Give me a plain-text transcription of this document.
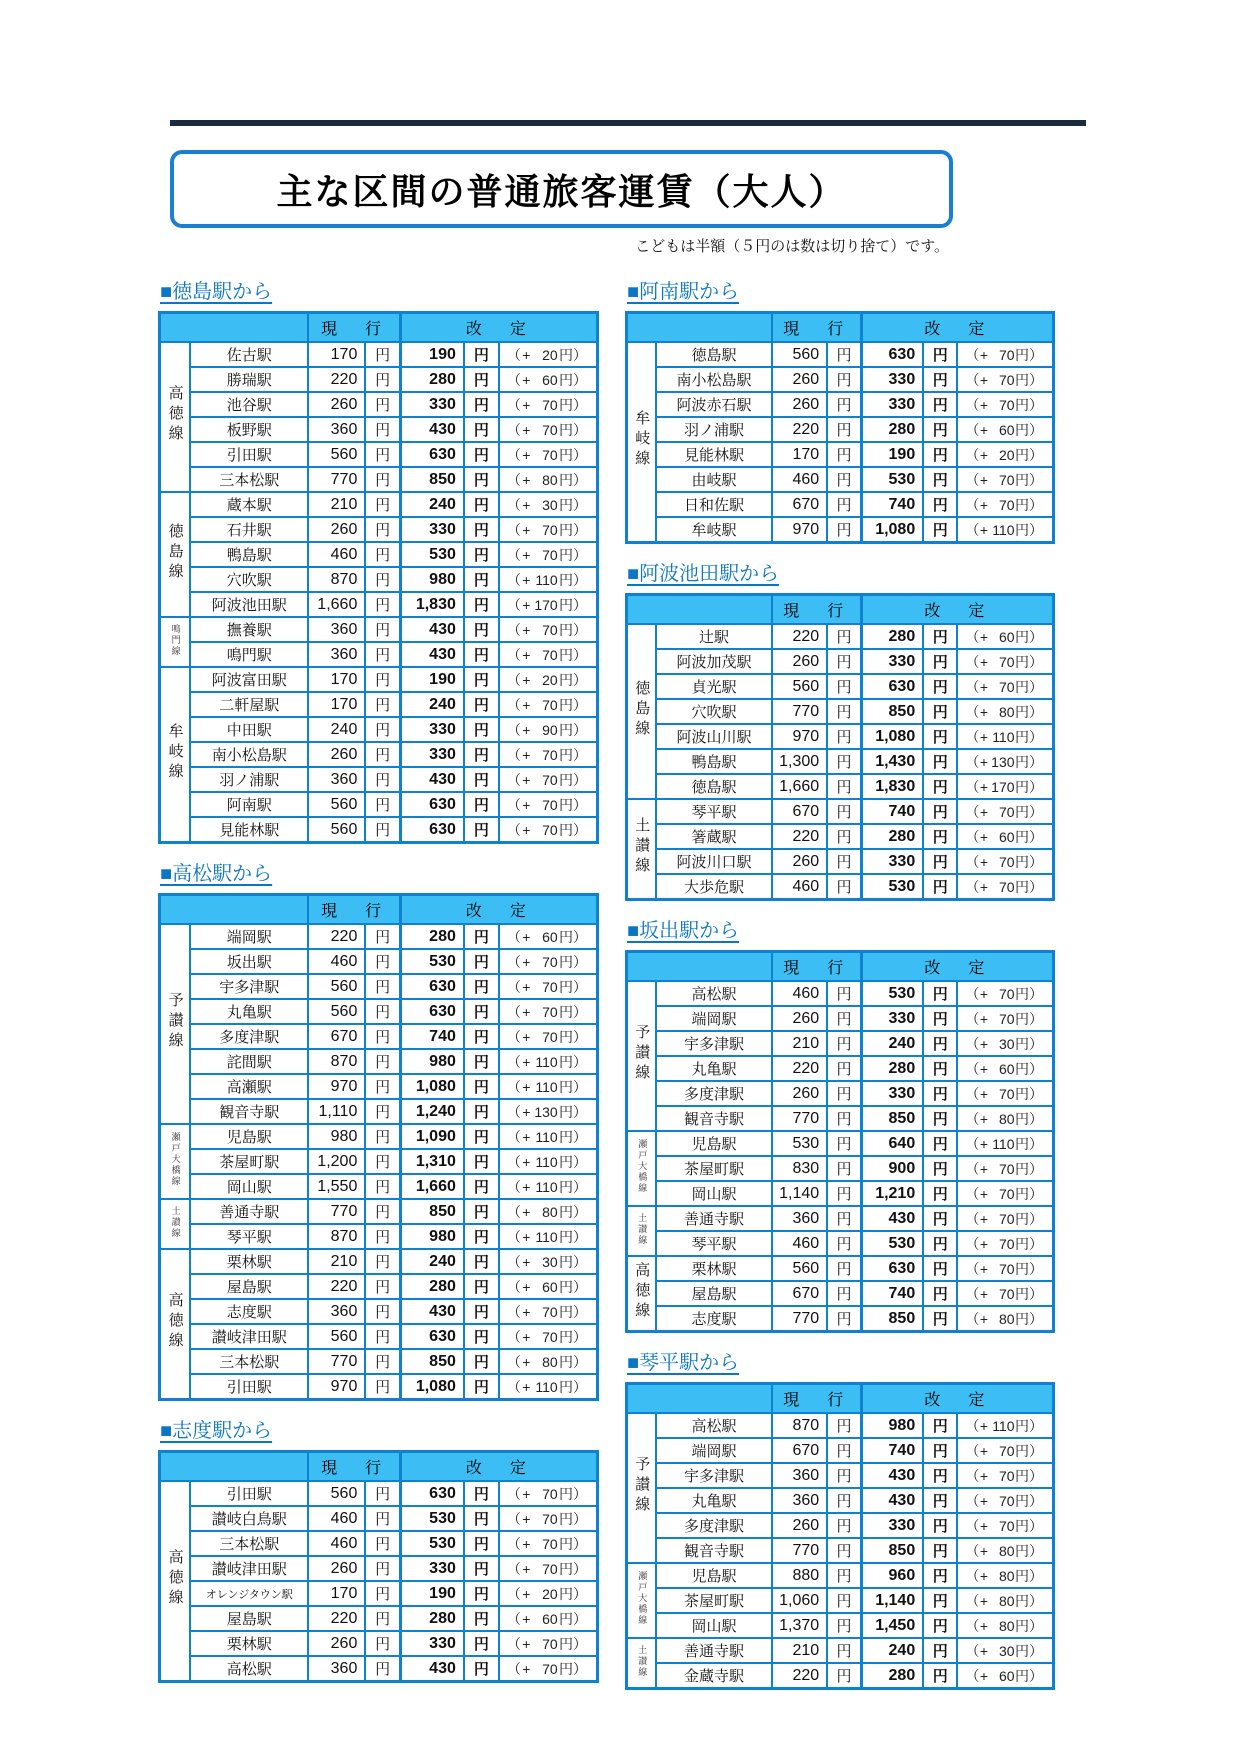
主な区間の普通旅客運賃（大人）
こどもは半額（５円のは数は切り捨て）です。
■徳島駅から
		現　行		改　定		
高徳線	佐古駅	170	円	190	円	（ + 20 円）

	勝瑞駅	220	円	280	円	（ + 60 円）

	池谷駅	260	円	330	円	（ + 70 円）

	板野駅	360	円	430	円	（ + 70 円）

	引田駅	560	円	630	円	（ + 70 円）

	三本松駅	770	円	850	円	（ + 80 円）

徳島線	蔵本駅	210	円	240	円	（ + 30 円）

	石井駅	260	円	330	円	（ + 70 円）

	鴨島駅	460	円	530	円	（ + 70 円）

	穴吹駅	870	円	980	円	（ + 110 円）

	阿波池田駅	1,660	円	1,830	円	（ + 170 円）

鳴門線	撫養駅	360	円	430	円	（ + 70 円）

	鳴門駅	360	円	430	円	（ + 70 円）

牟岐線	阿波富田駅	170	円	190	円	（ + 20 円）

	二軒屋駅	170	円	240	円	（ + 70 円）

	中田駅	240	円	330	円	（ + 90 円）

	南小松島駅	260	円	330	円	（ + 70 円）

	羽ノ浦駅	360	円	430	円	（ + 70 円）

	阿南駅	560	円	630	円	（ + 70 円）

	見能林駅	560	円	630	円	（ + 70 円）
■高松駅から
		現　行		改　定		
予讃線	端岡駅	220	円	280	円	（ + 60 円）

	坂出駅	460	円	530	円	（ + 70 円）

	宇多津駅	560	円	630	円	（ + 70 円）

	丸亀駅	560	円	630	円	（ + 70 円）

	多度津駅	670	円	740	円	（ + 70 円）

	詫間駅	870	円	980	円	（ + 110 円）

	高瀬駅	970	円	1,080	円	（ + 110 円）

	観音寺駅	1,110	円	1,240	円	（ + 130 円）

瀬戸大橋線	児島駅	980	円	1,090	円	（ + 110 円）

	茶屋町駅	1,200	円	1,310	円	（ + 110 円）

	岡山駅	1,550	円	1,660	円	（ + 110 円）

土讃線	善通寺駅	770	円	850	円	（ + 80 円）

	琴平駅	870	円	980	円	（ + 110 円）

高徳線	栗林駅	210	円	240	円	（ + 30 円）

	屋島駅	220	円	280	円	（ + 60 円）

	志度駅	360	円	430	円	（ + 70 円）

	讃岐津田駅	560	円	630	円	（ + 70 円）

	三本松駅	770	円	850	円	（ + 80 円）

	引田駅	970	円	1,080	円	（ + 110 円）
■志度駅から
		現　行		改　定		
高徳線	引田駅	560	円	630	円	（ + 70 円）

	讃岐白鳥駅	460	円	530	円	（ + 70 円）

	三本松駅	460	円	530	円	（ + 70 円）

	讃岐津田駅	260	円	330	円	（ + 70 円）

	オレンジタウン駅	170	円	190	円	（ + 20 円）

	屋島駅	220	円	280	円	（ + 60 円）

	栗林駅	260	円	330	円	（ + 70 円）

	高松駅	360	円	430	円	（ + 70 円）
■阿南駅から
		現　行		改　定		
牟岐線	徳島駅	560	円	630	円	（ + 70 円）

	南小松島駅	260	円	330	円	（ + 70 円）

	阿波赤石駅	260	円	330	円	（ + 70 円）

	羽ノ浦駅	220	円	280	円	（ + 60 円）

	見能林駅	170	円	190	円	（ + 20 円）

	由岐駅	460	円	530	円	（ + 70 円）

	日和佐駅	670	円	740	円	（ + 70 円）

	牟岐駅	970	円	1,080	円	（ + 110 円）
■阿波池田駅から
		現　行		改　定		
徳島線	辻駅	220	円	280	円	（ + 60 円）

	阿波加茂駅	260	円	330	円	（ + 70 円）

	貞光駅	560	円	630	円	（ + 70 円）

	穴吹駅	770	円	850	円	（ + 80 円）

	阿波山川駅	970	円	1,080	円	（ + 110 円）

	鴨島駅	1,300	円	1,430	円	（ + 130 円）

	徳島駅	1,660	円	1,830	円	（ + 170 円）

土讃線	琴平駅	670	円	740	円	（ + 70 円）

	箸蔵駅	220	円	280	円	（ + 60 円）

	阿波川口駅	260	円	330	円	（ + 70 円）

	大歩危駅	460	円	530	円	（ + 70 円）
■坂出駅から
		現　行		改　定		
予讃線	高松駅	460	円	530	円	（ + 70 円）

	端岡駅	260	円	330	円	（ + 70 円）

	宇多津駅	210	円	240	円	（ + 30 円）

	丸亀駅	220	円	280	円	（ + 60 円）

	多度津駅	260	円	330	円	（ + 70 円）

	観音寺駅	770	円	850	円	（ + 80 円）

瀬戸大橋線	児島駅	530	円	640	円	（ + 110 円）

	茶屋町駅	830	円	900	円	（ + 70 円）

	岡山駅	1,140	円	1,210	円	（ + 70 円）

土讃線	善通寺駅	360	円	430	円	（ + 70 円）

	琴平駅	460	円	530	円	（ + 70 円）

高徳線	栗林駅	560	円	630	円	（ + 70 円）

	屋島駅	670	円	740	円	（ + 70 円）

	志度駅	770	円	850	円	（ + 80 円）
■琴平駅から
		現　行		改　定		
予讃線	高松駅	870	円	980	円	（ + 110 円）

	端岡駅	670	円	740	円	（ + 70 円）

	宇多津駅	360	円	430	円	（ + 70 円）

	丸亀駅	360	円	430	円	（ + 70 円）

	多度津駅	260	円	330	円	（ + 70 円）

	観音寺駅	770	円	850	円	（ + 80 円）

瀬戸大橋線	児島駅	880	円	960	円	（ + 80 円）

	茶屋町駅	1,060	円	1,140	円	（ + 80 円）

	岡山駅	1,370	円	1,450	円	（ + 80 円）

土讃線	善通寺駅	210	円	240	円	（ + 30 円）

	金蔵寺駅	220	円	280	円	（ + 60 円）
